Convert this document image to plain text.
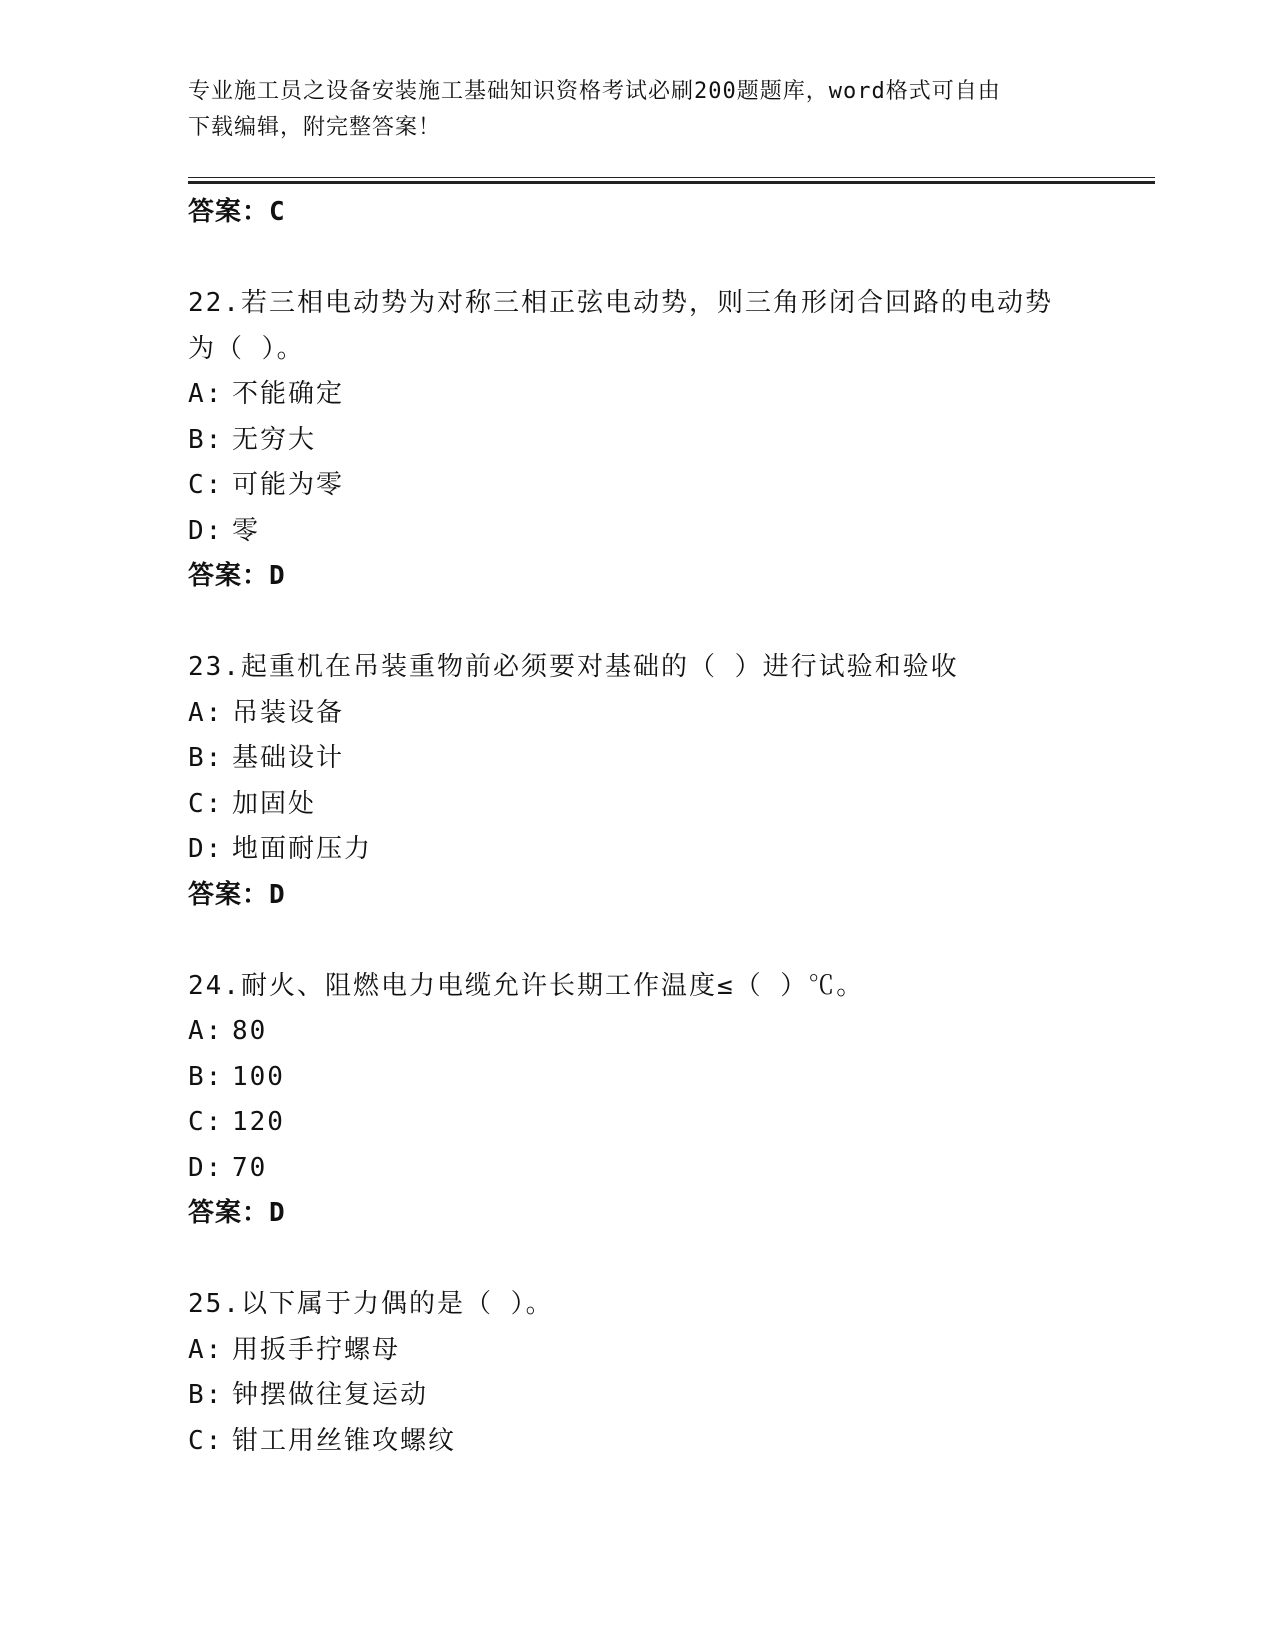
专业施工员之设备安装施工基础知识资格考试必刷200题题库，word格式可自由
下载编辑，附完整答案！
答案：C
22.若三相电动势为对称三相正弦电动势，则三角形闭合回路的电动势
为（ ）。
A: 不能确定
B: 无穷大
C: 可能为零
D: 零
答案：D
23.起重机在吊装重物前必须要对基础的（ ）进行试验和验收
A: 吊装设备
B: 基础设计
C: 加固处
D: 地面耐压力
答案：D
24.耐火、阻燃电力电缆允许长期工作温度≤（ ）℃。
A: 80
B: 100
C: 120
D: 70
答案：D
25.以下属于力偶的是（ ）。
A: 用扳手拧螺母
B: 钟摆做往复运动
C: 钳工用丝锥攻螺纹
